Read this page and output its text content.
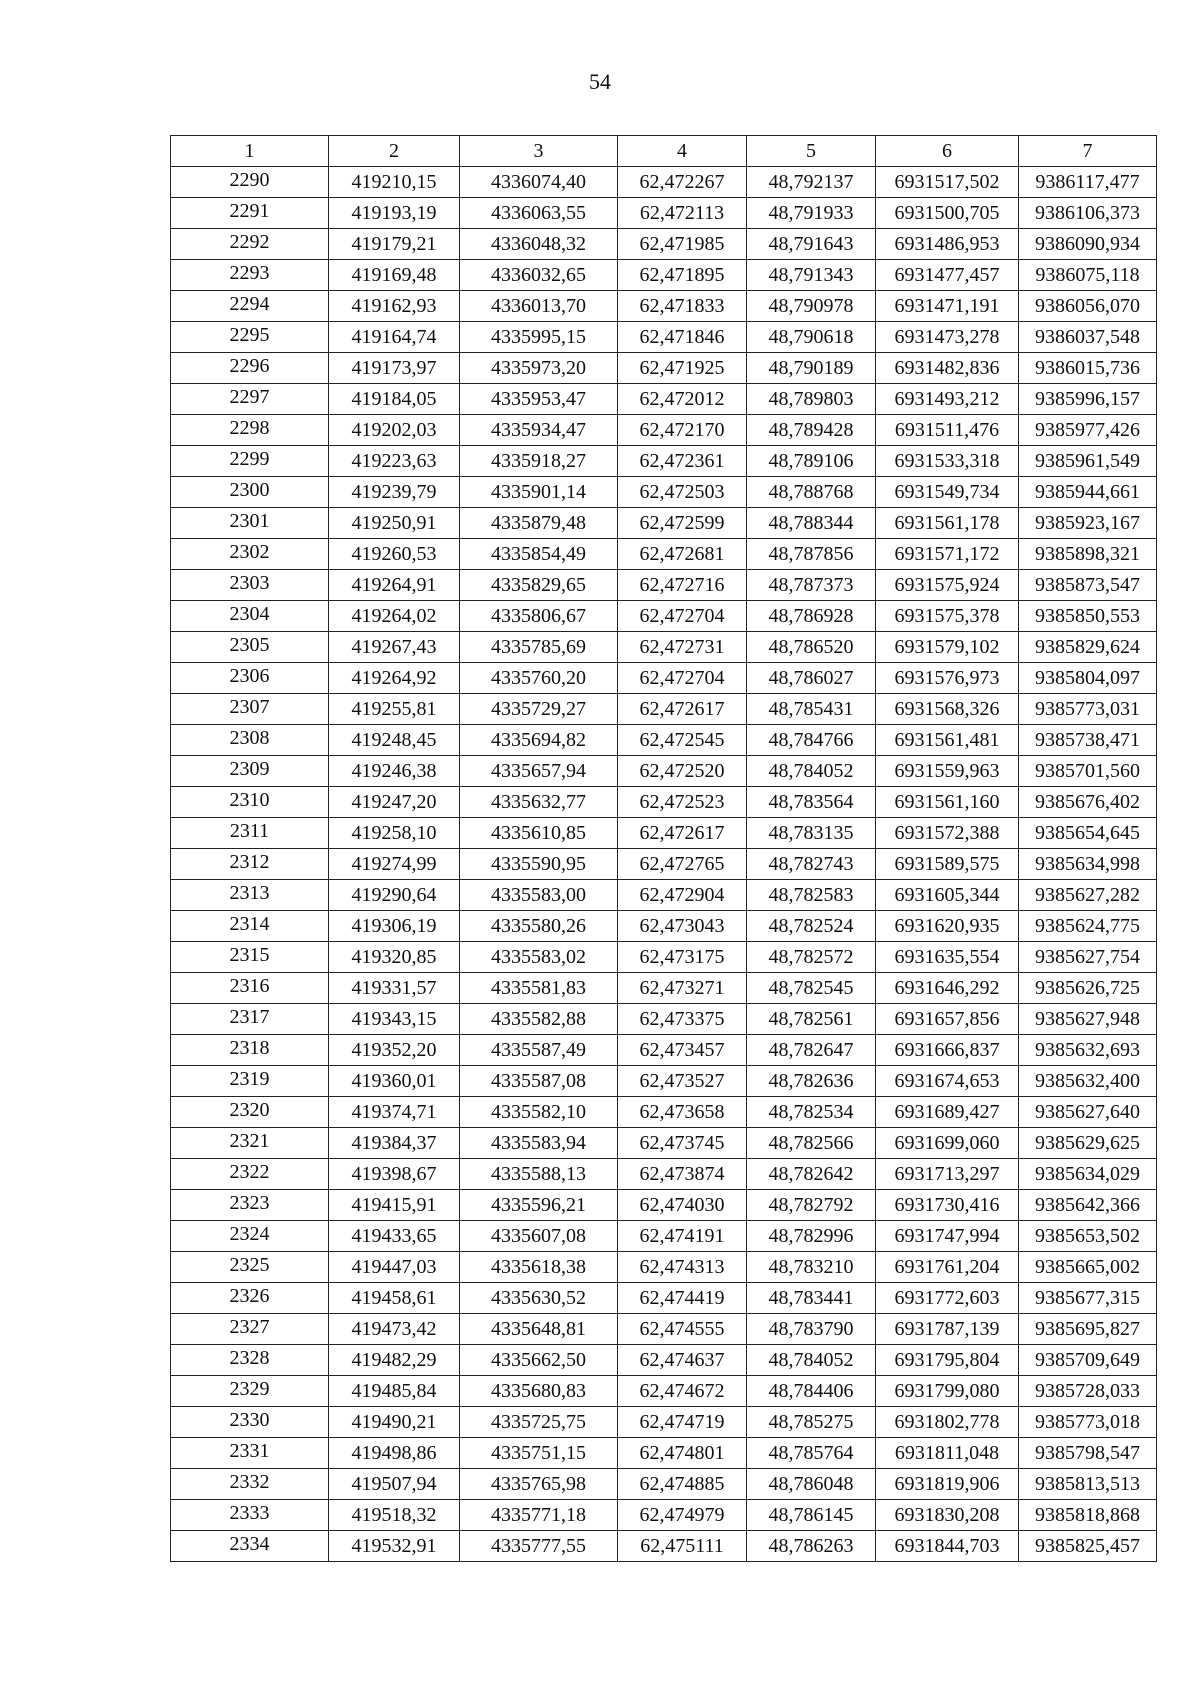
54
1	2	3	4	5	6	7
2290	419210,15	4336074,40	62,472267	48,792137	6931517,502	9386117,477
2291	419193,19	4336063,55	62,472113	48,791933	6931500,705	9386106,373
2292	419179,21	4336048,32	62,471985	48,791643	6931486,953	9386090,934
2293	419169,48	4336032,65	62,471895	48,791343	6931477,457	9386075,118
2294	419162,93	4336013,70	62,471833	48,790978	6931471,191	9386056,070
2295	419164,74	4335995,15	62,471846	48,790618	6931473,278	9386037,548
2296	419173,97	4335973,20	62,471925	48,790189	6931482,836	9386015,736
2297	419184,05	4335953,47	62,472012	48,789803	6931493,212	9385996,157
2298	419202,03	4335934,47	62,472170	48,789428	6931511,476	9385977,426
2299	419223,63	4335918,27	62,472361	48,789106	6931533,318	9385961,549
2300	419239,79	4335901,14	62,472503	48,788768	6931549,734	9385944,661
2301	419250,91	4335879,48	62,472599	48,788344	6931561,178	9385923,167
2302	419260,53	4335854,49	62,472681	48,787856	6931571,172	9385898,321
2303	419264,91	4335829,65	62,472716	48,787373	6931575,924	9385873,547
2304	419264,02	4335806,67	62,472704	48,786928	6931575,378	9385850,553
2305	419267,43	4335785,69	62,472731	48,786520	6931579,102	9385829,624
2306	419264,92	4335760,20	62,472704	48,786027	6931576,973	9385804,097
2307	419255,81	4335729,27	62,472617	48,785431	6931568,326	9385773,031
2308	419248,45	4335694,82	62,472545	48,784766	6931561,481	9385738,471
2309	419246,38	4335657,94	62,472520	48,784052	6931559,963	9385701,560
2310	419247,20	4335632,77	62,472523	48,783564	6931561,160	9385676,402
2311	419258,10	4335610,85	62,472617	48,783135	6931572,388	9385654,645
2312	419274,99	4335590,95	62,472765	48,782743	6931589,575	9385634,998
2313	419290,64	4335583,00	62,472904	48,782583	6931605,344	9385627,282
2314	419306,19	4335580,26	62,473043	48,782524	6931620,935	9385624,775
2315	419320,85	4335583,02	62,473175	48,782572	6931635,554	9385627,754
2316	419331,57	4335581,83	62,473271	48,782545	6931646,292	9385626,725
2317	419343,15	4335582,88	62,473375	48,782561	6931657,856	9385627,948
2318	419352,20	4335587,49	62,473457	48,782647	6931666,837	9385632,693
2319	419360,01	4335587,08	62,473527	48,782636	6931674,653	9385632,400
2320	419374,71	4335582,10	62,473658	48,782534	6931689,427	9385627,640
2321	419384,37	4335583,94	62,473745	48,782566	6931699,060	9385629,625
2322	419398,67	4335588,13	62,473874	48,782642	6931713,297	9385634,029
2323	419415,91	4335596,21	62,474030	48,782792	6931730,416	9385642,366
2324	419433,65	4335607,08	62,474191	48,782996	6931747,994	9385653,502
2325	419447,03	4335618,38	62,474313	48,783210	6931761,204	9385665,002
2326	419458,61	4335630,52	62,474419	48,783441	6931772,603	9385677,315
2327	419473,42	4335648,81	62,474555	48,783790	6931787,139	9385695,827
2328	419482,29	4335662,50	62,474637	48,784052	6931795,804	9385709,649
2329	419485,84	4335680,83	62,474672	48,784406	6931799,080	9385728,033
2330	419490,21	4335725,75	62,474719	48,785275	6931802,778	9385773,018
2331	419498,86	4335751,15	62,474801	48,785764	6931811,048	9385798,547
2332	419507,94	4335765,98	62,474885	48,786048	6931819,906	9385813,513
2333	419518,32	4335771,18	62,474979	48,786145	6931830,208	9385818,868
2334	419532,91	4335777,55	62,475111	48,786263	6931844,703	9385825,457
